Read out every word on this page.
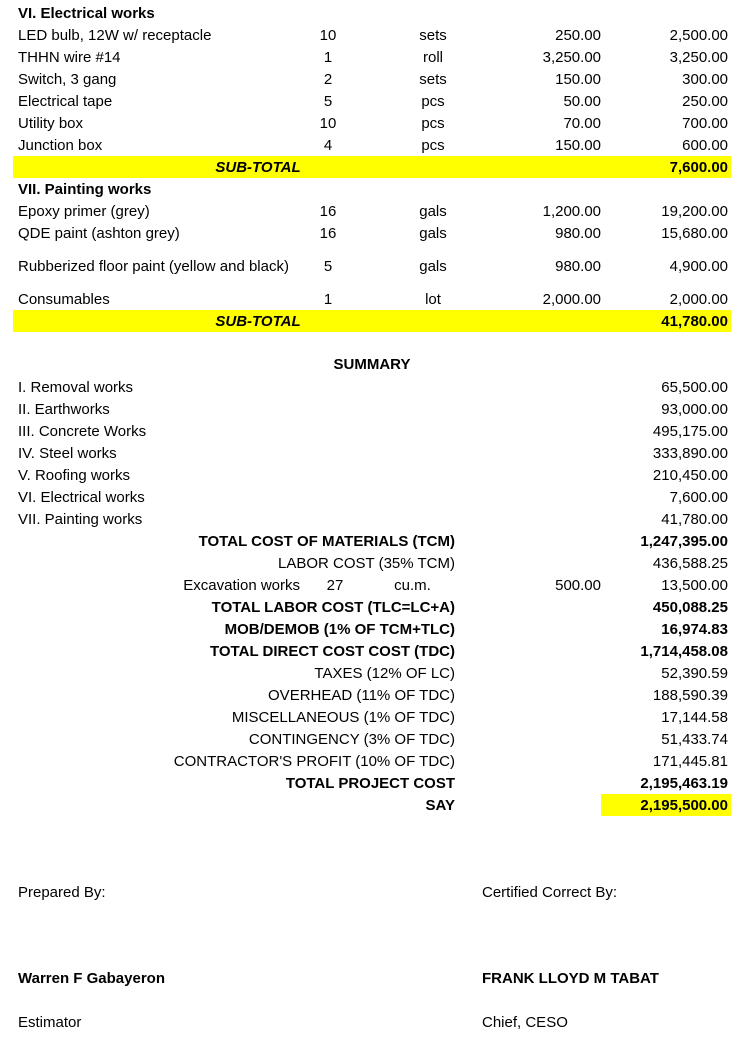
VI. Electrical works				
LED bulb, 12W w/ receptacle	10	sets	250.00	2,500.00
THHN wire #14	1	roll	3,250.00	3,250.00
Switch, 3 gang	2	sets	150.00	300.00
Electrical tape	5	pcs	50.00	250.00
Utility box	10	pcs	70.00	700.00
Junction box	4	pcs	150.00	600.00
SUB-TOTAL				7,600.00
VII. Painting works				
Epoxy primer (grey)	16	gals	1,200.00	19,200.00
QDE paint (ashton grey)	16	gals	980.00	15,680.00
Rubberized floor paint (yellow and black)	5	gals	980.00	4,900.00
Consumables	1	lot	2,000.00	2,000.00
SUB-TOTAL				41,780.00
SUMMARY
I. Removal works		65,500.00
II. Earthworks		93,000.00
III. Concrete Works		495,175.00
IV. Steel works		333,890.00
V. Roofing works		210,450.00
VI. Electrical works		7,600.00
VII. Painting works		41,780.00
TOTAL COST OF MATERIALS (TCM)		1,247,395.00
LABOR COST (35% TCM)		436,588.25

Excavation works 27 cu.m.	500.00	13,500.00
TOTAL LABOR COST (TLC=LC+A)		450,088.25
MOB/DEMOB (1% OF TCM+TLC)		16,974.83
TOTAL DIRECT COST COST (TDC)		1,714,458.08
TAXES (12% OF LC)		52,390.59
OVERHEAD (11% OF TDC)		188,590.39
MISCELLANEOUS (1% OF TDC)		17,144.58
CONTINGENCY (3% OF TDC)		51,433.74
CONTRACTOR'S PROFIT (10% OF TDC)		171,445.81
TOTAL PROJECT COST		2,195,463.19
SAY		2,195,500.00
Prepared By:	Certified Correct By:
Warren F Gabayeron	FRANK LLOYD M TABAT
Estimator	Chief, CESO
